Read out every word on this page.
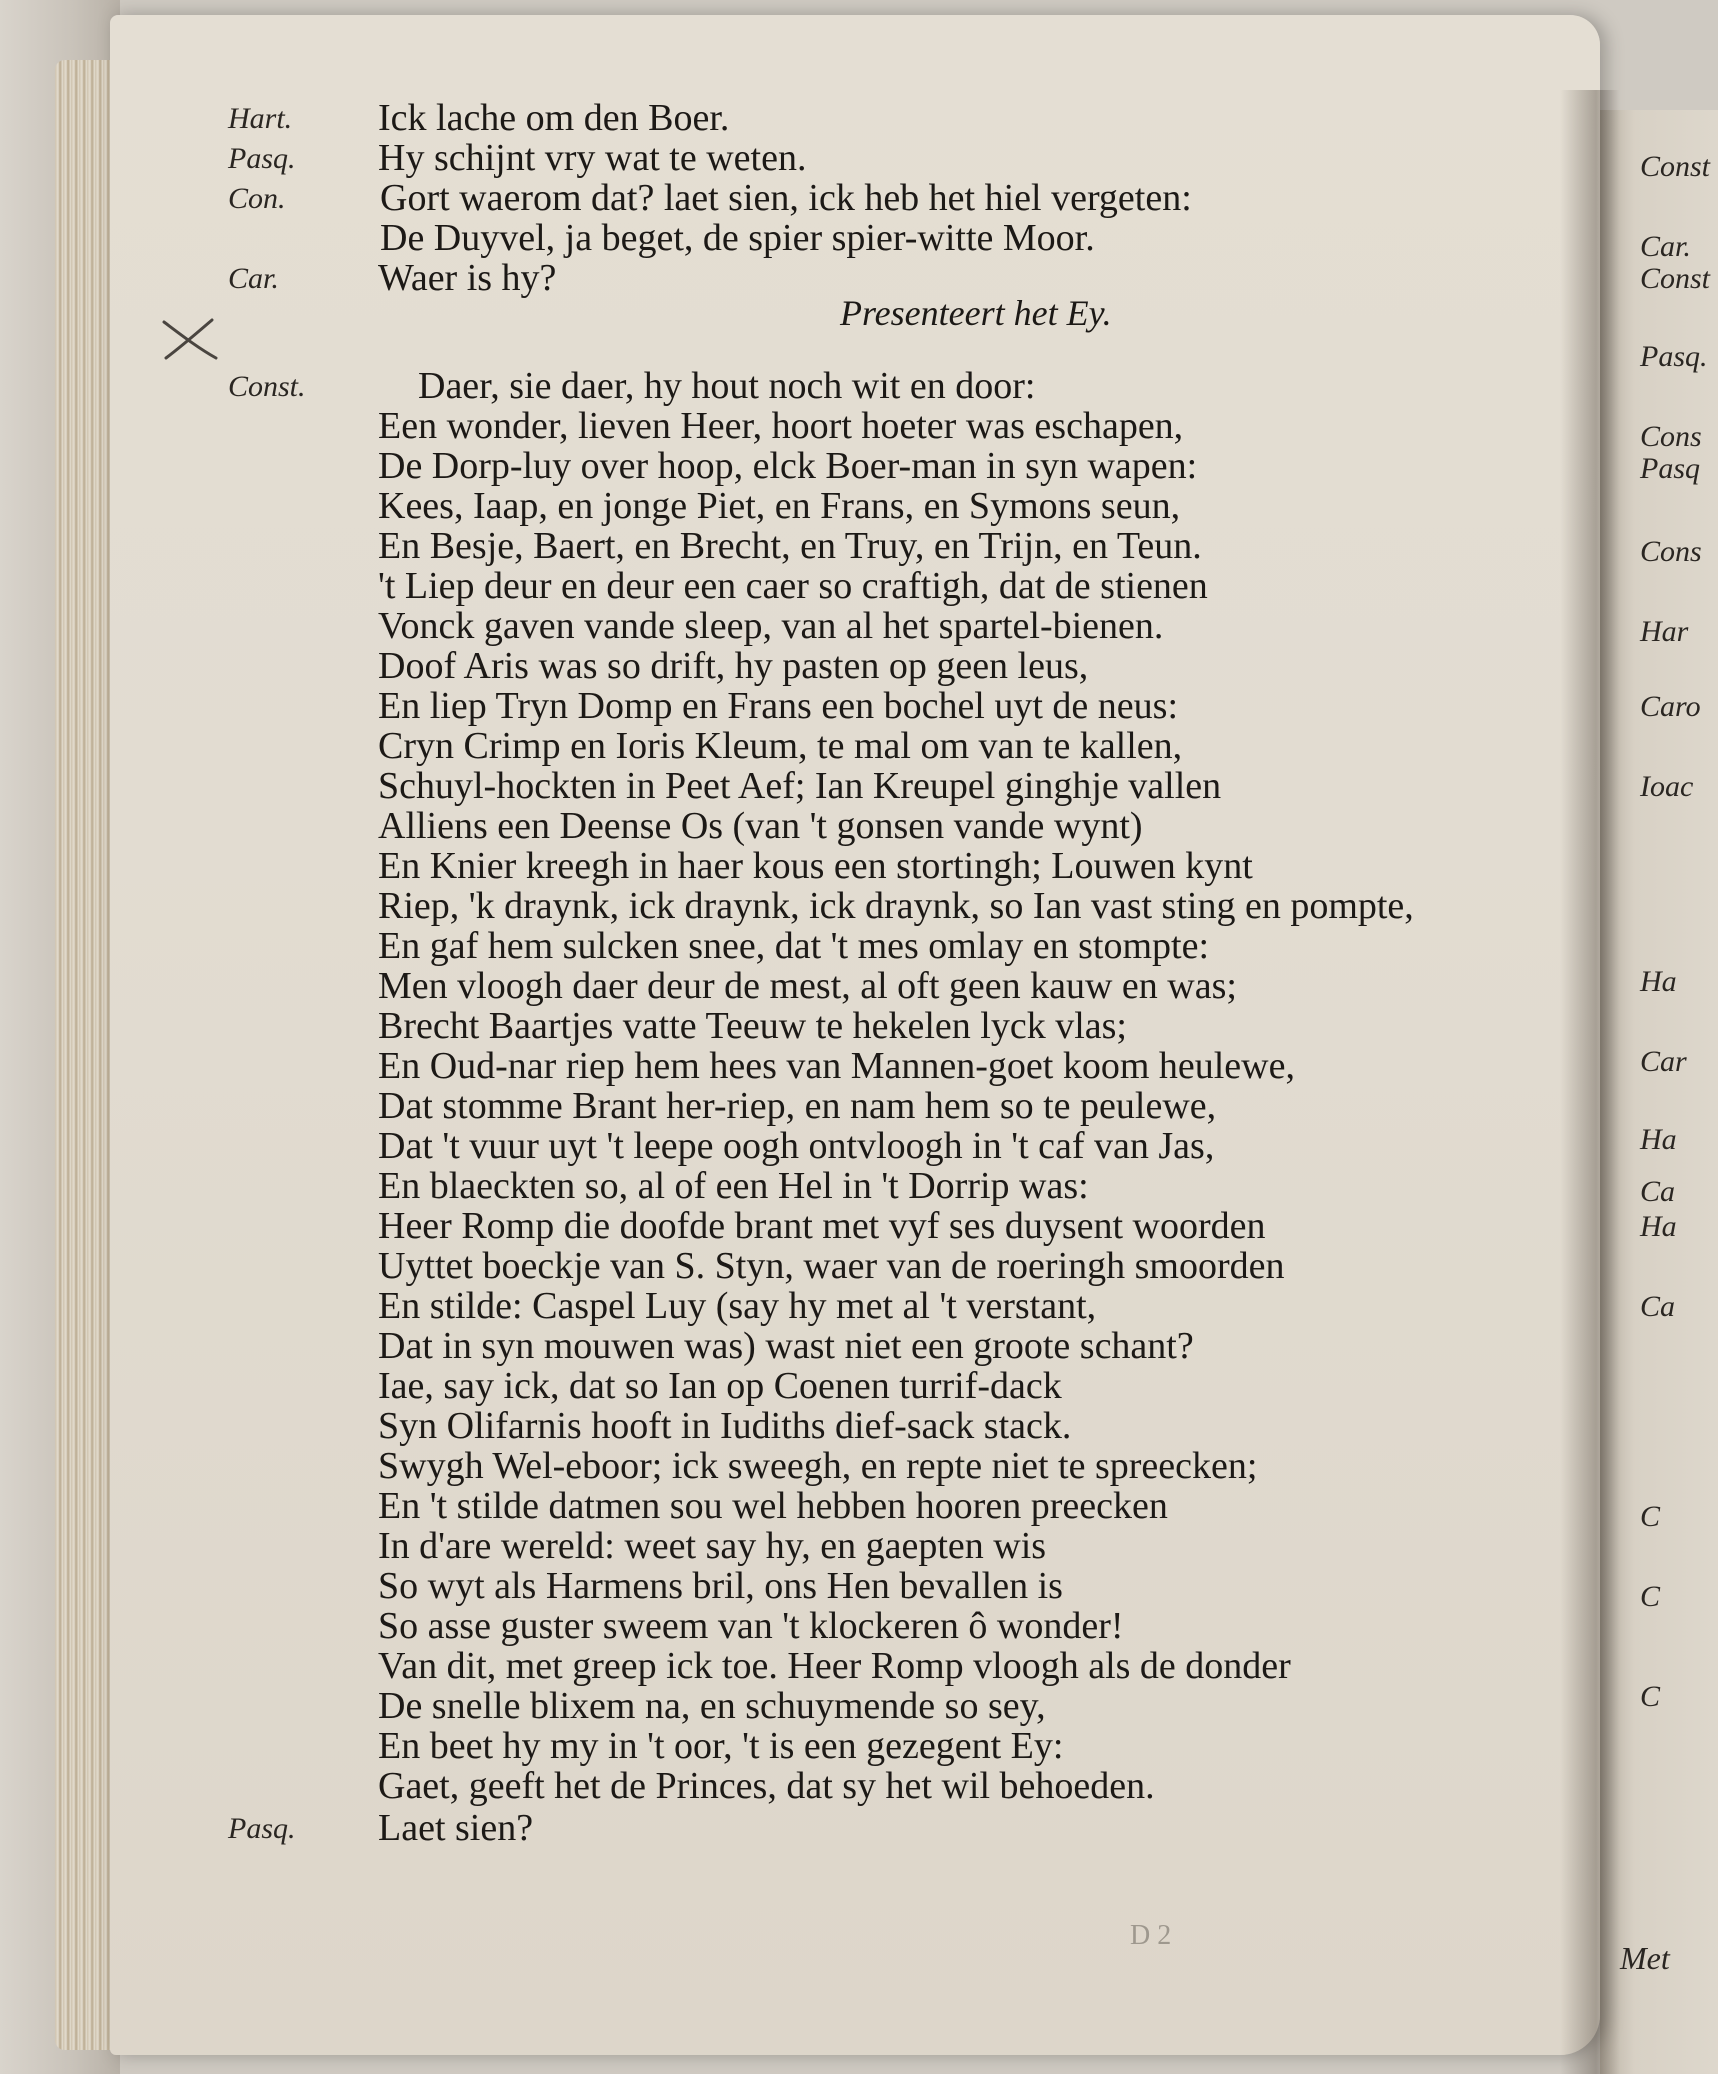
Const
Car.
Const
Pasq.
Cons
Pasq
Cons
Har
Caro
Ioac
Ha
Car
Ha
Ca
Ha
Ca
C
C
C
Met
D 2
Hart. Ick lache om den Boer.
Pasq. Hy schijnt vry wat te weten.
Con. Gort waerom dat? laet sien, ick heb het hiel vergeten:
De Duyvel, ja beget, de spier spier-witte Moor.
Car.	Waer is hy?
Presenteert het Ey.
Const.	Daer, sie daer, hy hout noch wit en door:
Een wonder, lieven Heer, hoort hoeter was eschapen,
De Dorp-luy over hoop, elck Boer-man in syn wapen:
Kees, Iaap, en jonge Piet, en Frans, en Symons seun,
En Besje, Baert, en Brecht, en Truy, en Trijn, en Teun.
't Liep deur en deur een caer so craftigh, dat de stienen
Vonck gaven vande sleep, van al het spartel-bienen.
Doof Aris was so drift, hy pasten op geen leus,
En liep Tryn Domp en Frans een bochel uyt de neus:
Cryn Crimp en Ioris Kleum, te mal om van te kallen,
Schuyl-hockten in Peet Aef; Ian Kreupel ginghje vallen
Alliens een Deense Os (van 't gonsen vande wynt)
En Knier kreegh in haer kous een stortingh; Louwen kynt
Riep, 'k draynk, ick draynk, ick draynk, so Ian vast sting en pompte,
En gaf hem sulcken snee, dat 't mes omlay en stompte:
Men vloogh daer deur de mest, al oft geen kauw en was;
Brecht Baartjes vatte Teeuw te hekelen lyck vlas;
En Oud-nar riep hem hees van Mannen-goet koom heulewe,
Dat stomme Brant her-riep, en nam hem so te peulewe,
Dat 't vuur uyt 't leepe oogh ontvloogh in 't caf van Jas,
En blaeckten so, al of een Hel in 't Dorrip was:
Heer Romp die doofde brant met vyf ses duysent woorden
Uyttet boeckje van S. Styn, waer van de roeringh smoorden
En stilde: Caspel Luy (say hy met al 't verstant,
Dat in syn mouwen was) wast niet een groote schant?
Iae, say ick, dat so Ian op Coenen turrif-dack
Syn Olifarnis hooft in Iudiths dief-sack stack.
Swygh Wel-eboor; ick sweegh, en repte niet te spreecken;
En 't stilde datmen sou wel hebben hooren preecken
In d'are wereld: weet say hy, en gaepten wis
So wyt als Harmens bril, ons Hen bevallen is
So asse guster sweem van 't klockeren ô wonder!
Van dit, met greep ick toe. Heer Romp vloogh als de donder
De snelle blixem na, en schuymende so sey,
En beet hy my in 't oor, 't is een gezegent Ey:
Gaet, geeft het de Princes, dat sy het wil behoeden.
Pasq. Laet sien?
